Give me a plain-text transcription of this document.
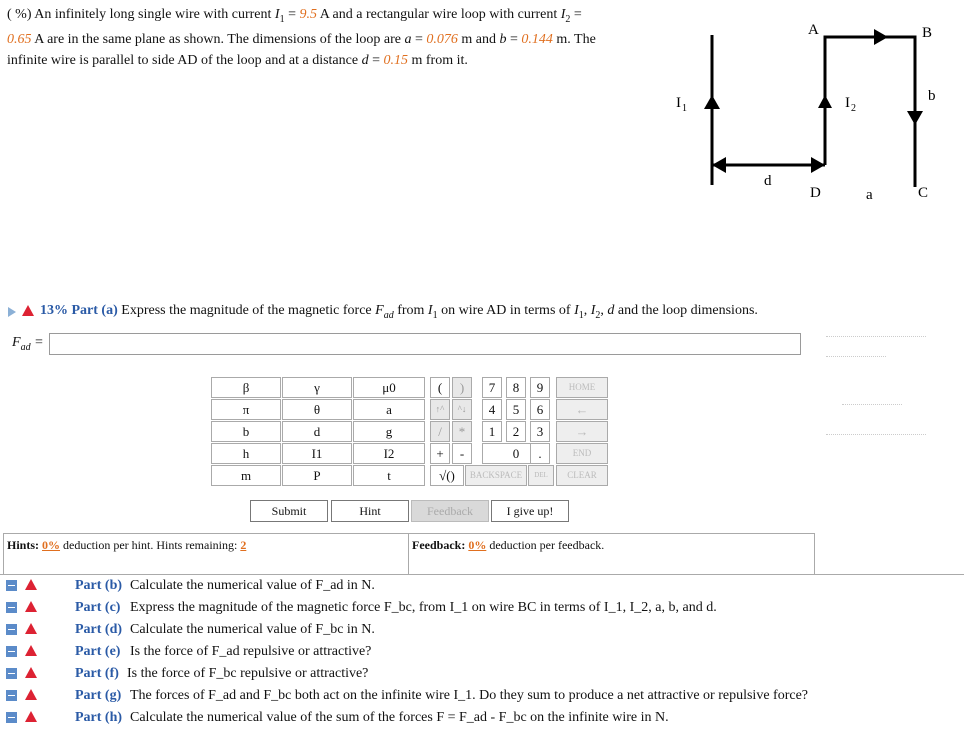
( %) An infinitely long single wire with current $I_1 = 9.5$ A and a rectangular wire loop with current $I_2 = 0.65$ A are in the same plane as shown. The dimensions of the loop are a = 0.076 m and b = 0.144 m. The infinite wire is parallel to side AD of the loop and at a distance d = 0.15 m from it.
A	B
C
D
I 1	I 2
b
d
a
13% Part (a) Express the magnitude of the magnetic force $F_{ad}$ from $I_1$ on wire AD in terms of $I_1$, $I_2$, d and the loop dimensions.
$F_{ad}$ =
β	γ	μ0
π	θ	a
b	d	g
h	I1	I2
m	P	t
(	)
↑^	^↓
/	*
+	-
√()
7	8	9
4	5	6
1	2	3
0	.
BACKSPACE	DEL
HOME
←
→
END
CLEAR
Submit	Hint	Feedback	I give up!
Hints: 0% deduction per hint. Hints remaining: 2	Feedback: 0% deduction per feedback.
Part (b) Calculate the numerical value of F_ad in N.
Part (c) Express the magnitude of the magnetic force F_bc, from I_1 on wire BC in terms of I_1, I_2, a, b, and d.
Part (d) Calculate the numerical value of F_bc in N.
Part (e) Is the force of F_ad repulsive or attractive?
Part (f) Is the force of F_bc repulsive or attractive?
Part (g) The forces of F_ad and F_bc both act on the infinite wire I_1. Do they sum to produce a net attractive or repulsive force?
Part (h) Calculate the numerical value of the sum of the forces F = F_ad - F_bc on the infinite wire in N.
